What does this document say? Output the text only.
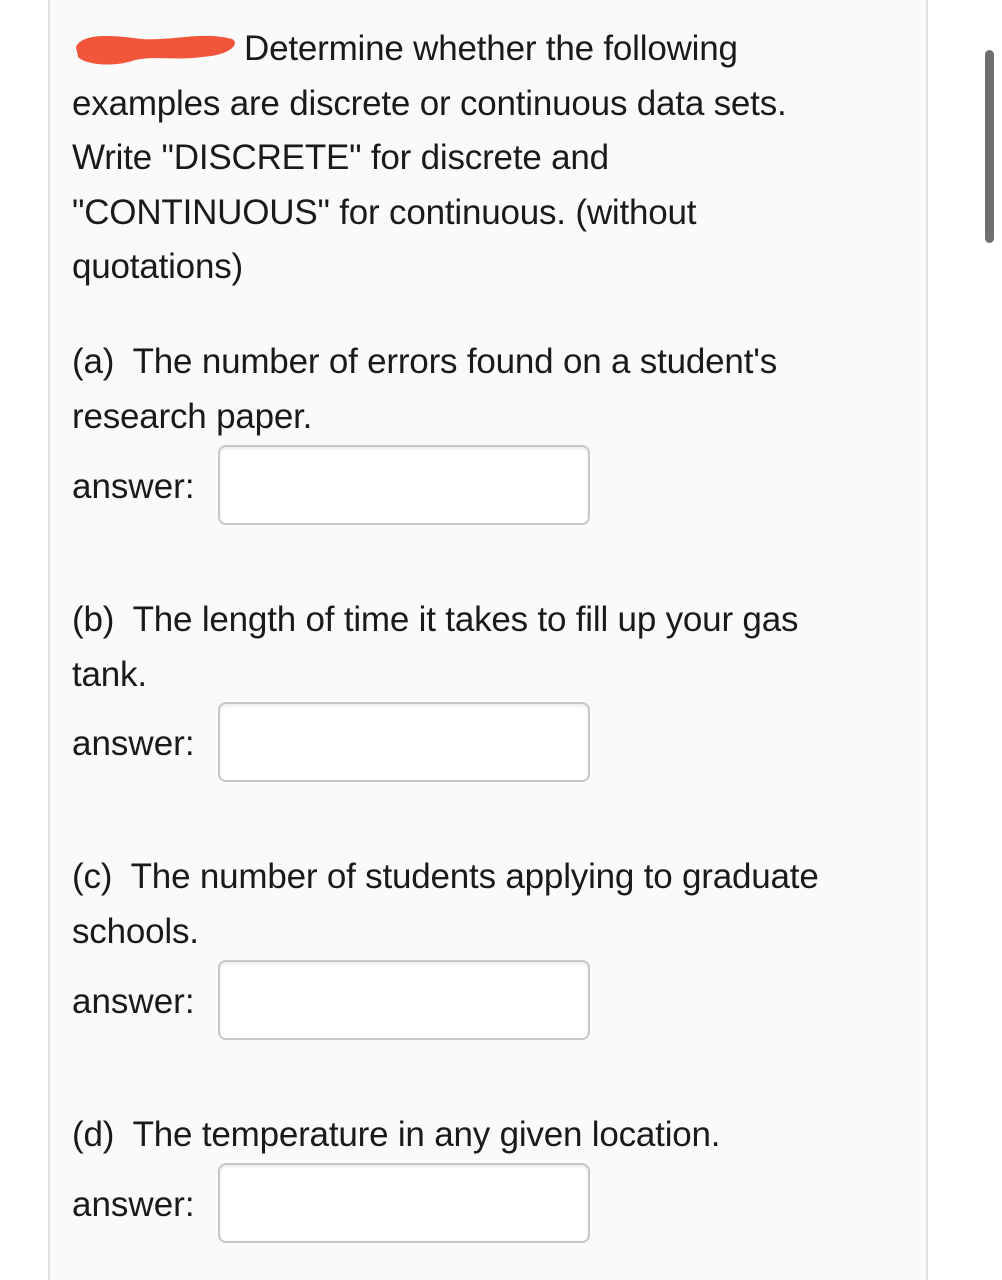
Determine whether the following
examples are discrete or continuous data sets.
Write "DISCRETE" for discrete and
"CONTINUOUS" for continuous. (without
quotations)

(a)  The number of errors found on a student's
research paper.

answer:

(b)  The length of time it takes to fill up your gas
tank.

answer:

(c)  The number of students applying to graduate
schools.

answer:

(d)  The temperature in any given location.

answer:
